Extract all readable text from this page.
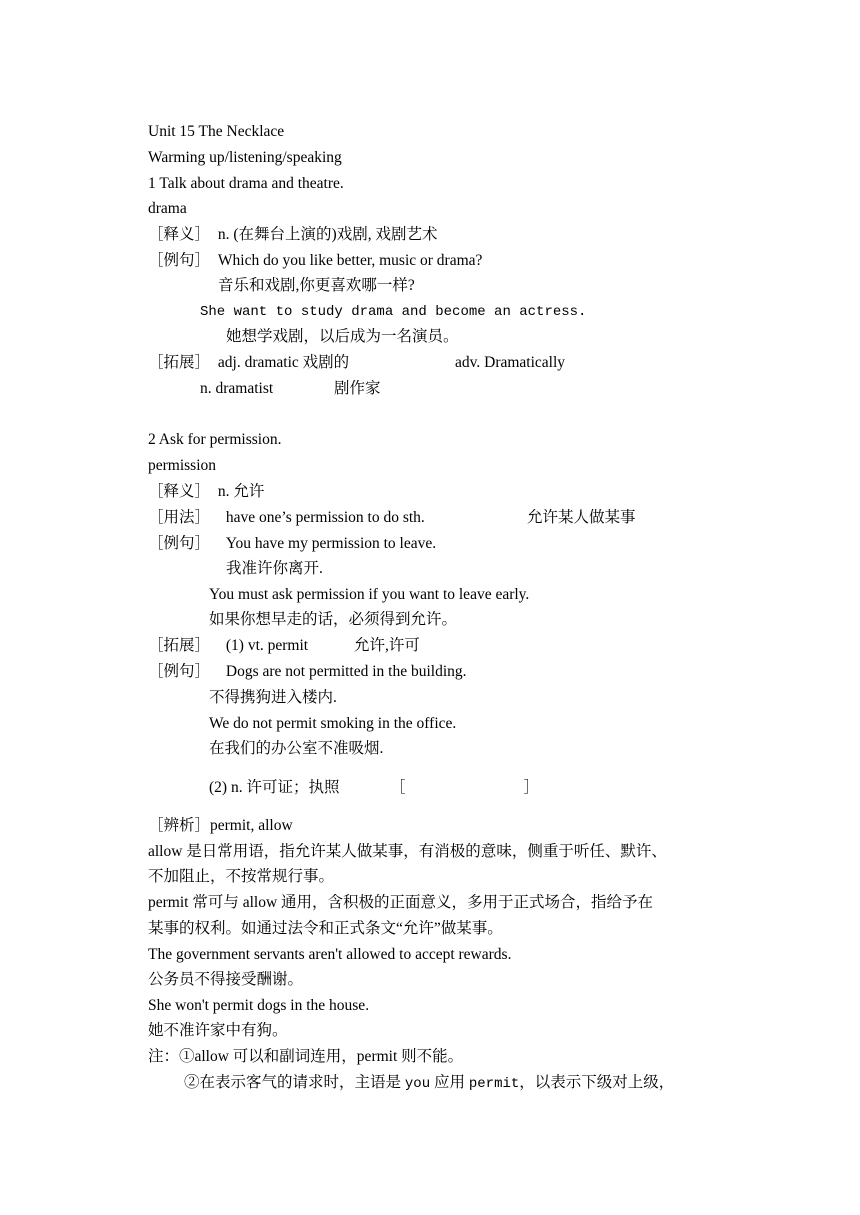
Unit 15 The Necklace
Warming up/listening/speaking
1 Talk about drama and theatre.
drama
［释义］ n. (在舞台上演的)戏剧, 戏剧艺术
［例句］ Which do you like better, music or drama?
音乐和戏剧,你更喜欢哪一样?
She want to study drama and become an actress.
她想学戏剧，以后成为一名演员。
［拓展］ adj. dramatic 戏剧的	adv. Dramatically
n. dramatist	剧作家
2 Ask for permission.
permission
［释义］ n. 允许
［用法］ have one’s permission to do sth.	允许某人做某事
［例句］ You have my permission to leave.
我准许你离开.
You must ask permission if you want to leave early.
如果你想早走的话，必须得到允许。
［拓展］ (1) vt. permit	允许,许可
［例句］ Dogs are not permitted in the building.
不得携狗进入楼内.
We do not permit smoking in the office.
在我们的办公室不准吸烟.
(2) n. 许可证；执照	［	］
［辨析］permit, allow
allow 是日常用语，指允许某人做某事，有消极的意味，侧重于听任、默许、
不加阻止，不按常规行事。
permit 常可与 allow 通用，含积极的正面意义，多用于正式场合，指给予在
某事的权利。如通过法令和正式条文“允许”做某事。
The government servants aren't allowed to accept rewards.
公务员不得接受酬谢。
She won't permit dogs in the house.
她不准许家中有狗。
注：①allow 可以和副词连用，permit 则不能。
②在表示客气的请求时，主语是 you 应用 permit，以表示下级对上级，
